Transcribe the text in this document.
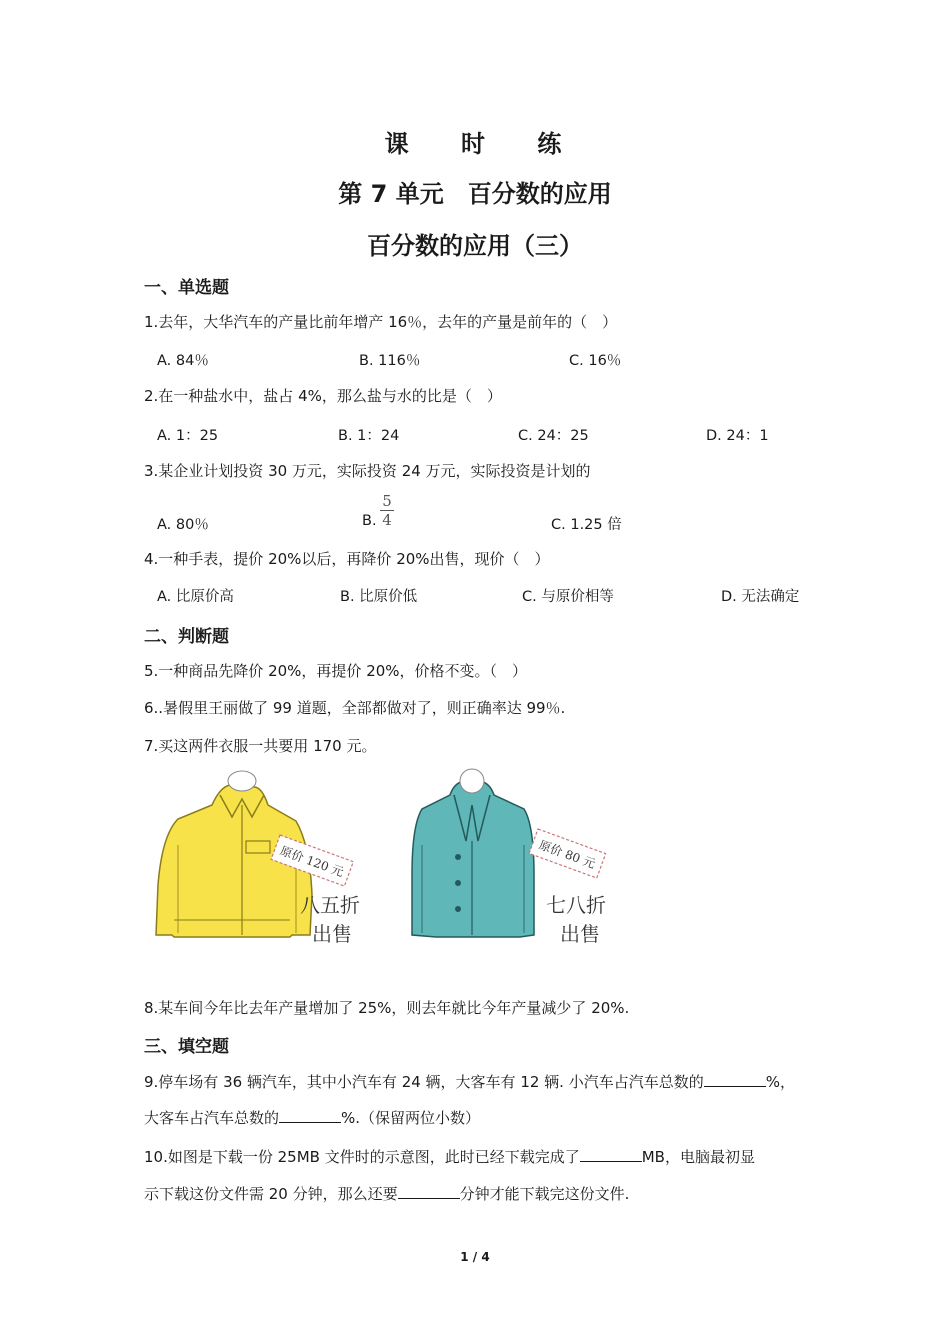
课 时 练
第 7 单元　百分数的应用
百分数的应用（三）
一、单选题
1.去年，大华汽车的产量比前年增产 16％，去年的产量是前年的（　）
A. 84％	B. 116％	C. 16％
2.在一种盐水中，盐占 4%，那么盐与水的比是（　）
A. 1：25	B. 1：24	C. 24：25	D. 24：1
3.某企业计划投资 30 万元，实际投资 24 万元，实际投资是计划的
A. 80％	B.
5
4	C. 1.25 倍
4.一种手表，提价 20%以后，再降价 20%出售，现价（　）
A. 比原价高	B. 比原价低	C. 与原价相等	D. 无法确定
二、判断题
5.一种商品先降价 20%，再提价 20%，价格不变。（　）
6..暑假里王丽做了 99 道题，全部都做对了，则正确率达 99％.
7.买这两件衣服一共要用 170 元。
原价 120 元
八五折
出售
原价 80 元
七八折
出售
8.某车间今年比去年产量增加了 25%，则去年就比今年产量减少了 20%.
三、填空题
9.停车场有 36 辆汽车，其中小汽车有 24 辆，大客车有 12 辆. 小汽车占汽车总数的	%，
大客车占汽车总数的	%.（保留两位小数）
10.如图是下载一份 25MB 文件时的示意图，此时已经下载完成了	MB，电脑最初显
示下载这份文件需 20 分钟，那么还要	分钟才能下载完这份文件.
1 / 4
